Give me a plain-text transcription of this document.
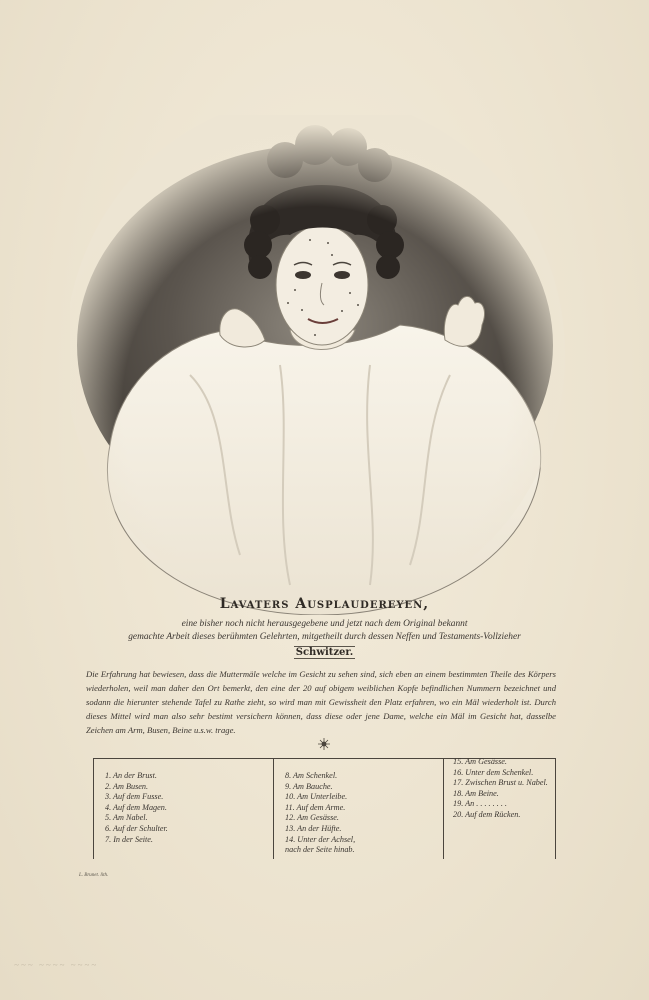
Lavaters Ausplaudereyen,
eine bisher noch nicht herausgegebene und jetzt nach dem Original bekannt
gemachte Arbeit dieses berühmten Gelehrten, mitgetheilt durch dessen Neffen und Testaments-Vollzieher
Schwitzer.
Die Erfahrung hat bewiesen, dass die Muttermäle welche im Gesicht zu sehen sind, sich eben an einem bestimmten Theile des Körpers wiederholen, weil man daher den Ort bemerkt, den eine der 20 auf obigem weiblichen Kopfe befindlichen Nummern bezeichnet und sodann die hierunter stehende Tafel zu Rathe zieht, so wird man mit Gewissheit den Platz erfahren, wo ein Mäl wiederholt ist. Durch dieses Mittel wird man also sehr bestimt versichern können, dass diese oder jene Dame, welche ein Mäl im Gesicht hat, dasselbe Zeichen am Arm, Busen, Beine u.s.w. trage.
1. An der Brust.
2. Am Busen.
3. Auf dem Fusse.
4. Auf dem Magen.
5. Am Nabel.
6. Auf der Schulter.
7. In der Seite.
8. Am Schenkel.
9. Am Bauche.
10. Am Unterleibe.
11. Auf dem Arme.
12. Am Gesässe.
13. An der Hüfte.
14. Unter der Achsel,
nach der Seite hinab.
15. Am Gesässe.
16. Unter dem Schenkel.
17. Zwischen Brust u. Nabel.
18. Am Beine.
19. An . . . . . . . .
20. Auf dem Rücken.
L. Brunet. lith.
~~~ ~~~~ ~~~~
